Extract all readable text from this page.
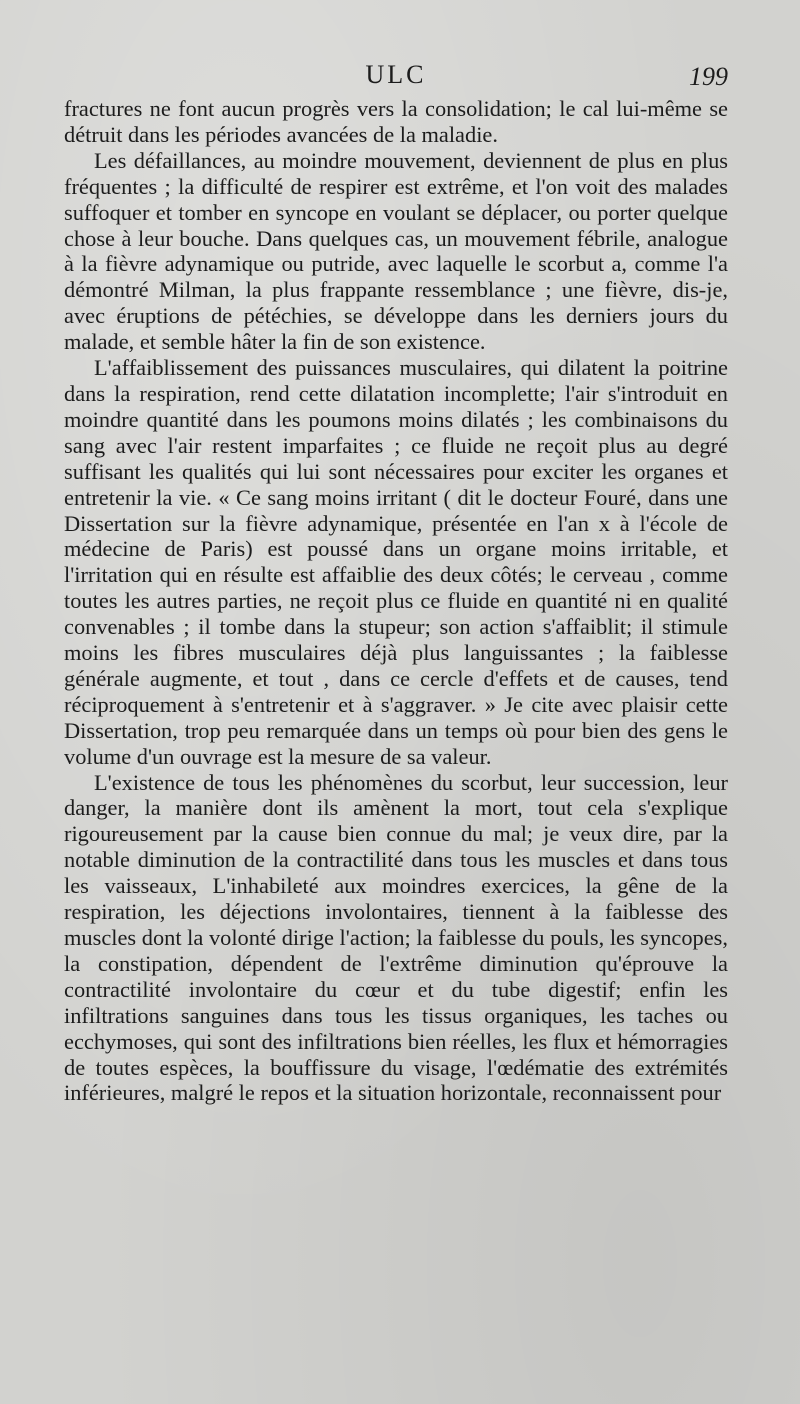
ULC	199

fractures ne font aucun progrès vers la consolidation; le cal lui-même se détruit dans les périodes avancées de la maladie.

Les défaillances, au moindre mouvement, deviennent de plus en plus fréquentes ; la difficulté de respirer est extrême, et l'on voit des malades suffoquer et tomber en syncope en voulant se déplacer, ou porter quelque chose à leur bouche. Dans quelques cas, un mouvement fébrile, analogue à la fièvre adynamique ou putride, avec laquelle le scorbut a, comme l'a démontré Milman, la plus frappante ressemblance ; une fièvre, dis-je, avec éruptions de pétéchies, se développe dans les derniers jours du malade, et semble hâter la fin de son existence.

L'affaiblissement des puissances musculaires, qui dilatent la poitrine dans la respiration, rend cette dilatation incomplette; l'air s'introduit en moindre quantité dans les poumons moins dilatés ; les combinaisons du sang avec l'air restent imparfaites ; ce fluide ne reçoit plus au degré suffisant les qualités qui lui sont nécessaires pour exciter les organes et entretenir la vie. « Ce sang moins irritant ( dit le docteur Fouré, dans une Dissertation sur la fièvre adynamique, présentée en l'an x à l'école de médecine de Paris) est poussé dans un organe moins irritable, et l'irritation qui en résulte est affaiblie des deux côtés; le cerveau , comme toutes les autres parties, ne reçoit plus ce fluide en quantité ni en qualité convenables ; il tombe dans la stupeur; son action s'affaiblit; il stimule moins les fibres musculaires déjà plus languissantes ; la faiblesse générale augmente, et tout , dans ce cercle d'effets et de causes, tend réciproquement à s'entretenir et à s'aggraver. » Je cite avec plaisir cette Dissertation, trop peu remarquée dans un temps où pour bien des gens le volume d'un ouvrage est la mesure de sa valeur.

L'existence de tous les phénomènes du scorbut, leur succession, leur danger, la manière dont ils amènent la mort, tout cela s'explique rigoureusement par la cause bien connue du mal; je veux dire, par la notable diminution de la contractilité dans tous les muscles et dans tous les vaisseaux, L'inhabileté aux moindres exercices, la gêne de la respiration, les déjections involontaires, tiennent à la faiblesse des muscles dont la volonté dirige l'action; la faiblesse du pouls, les syncopes, la constipation, dépendent de l'extrême diminution qu'éprouve la contractilité involontaire du cœur et du tube digestif; enfin les infiltrations sanguines dans tous les tissus organiques, les taches ou ecchymoses, qui sont des infiltrations bien réelles, les flux et hémorragies de toutes espèces, la bouffissure du visage, l'œdématie des extrémités inférieures, malgré le repos et la situation horizontale, reconnaissent pour
